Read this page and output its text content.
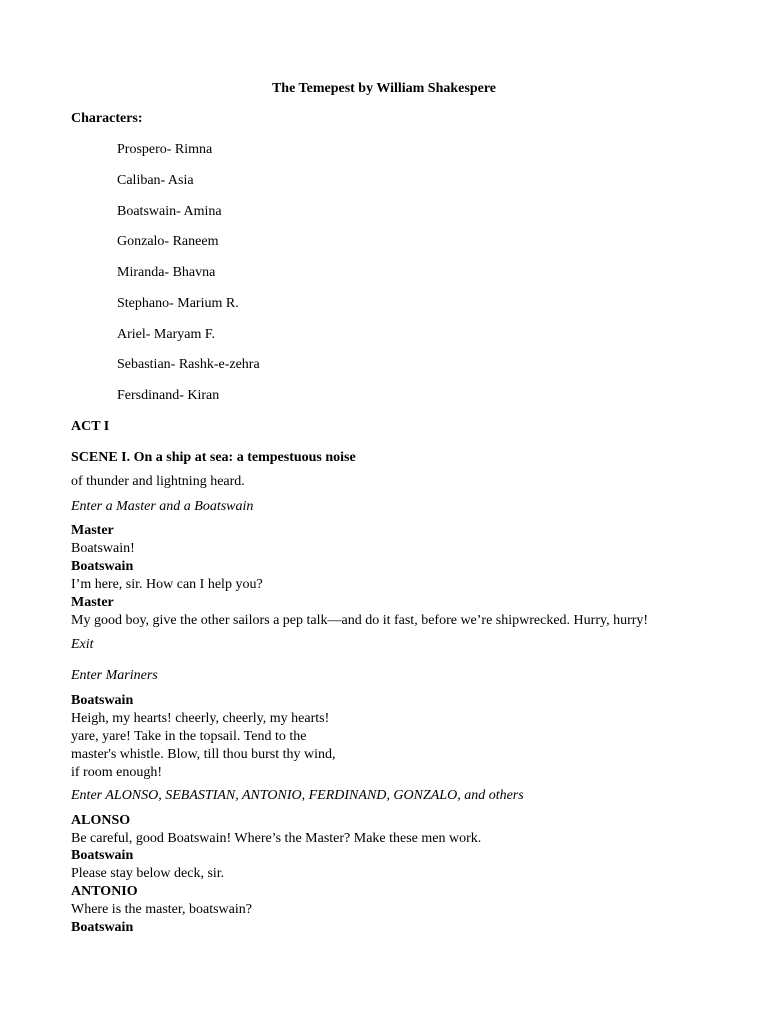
The Temepest by William Shakespere
Characters:
Prospero- Rimna
Caliban- Asia
Boatswain- Amina
Gonzalo- Raneem
Miranda- Bhavna
Stephano- Marium R.
Ariel- Maryam F.
Sebastian- Rashk-e-zehra
Fersdinand- Kiran
ACT I
SCENE I. On a ship at sea: a tempestuous noise
of thunder and lightning heard.
Enter a Master and a Boatswain
Master
Boatswain!
Boatswain
I’m here, sir. How can I help you?
Master
My good boy, give the other sailors a pep talk—and do it fast, before we’re shipwrecked. Hurry, hurry!
Exit
Enter Mariners
Boatswain
Heigh, my hearts! cheerly, cheerly, my hearts!
yare, yare! Take in the topsail. Tend to the
master's whistle. Blow, till thou burst thy wind,
if room enough!
Enter ALONSO, SEBASTIAN, ANTONIO, FERDINAND, GONZALO, and others
ALONSO
Be careful, good Boatswain! Where’s the Master? Make these men work.
Boatswain
Please stay below deck, sir.
ANTONIO
Where is the master, boatswain?
Boatswain
